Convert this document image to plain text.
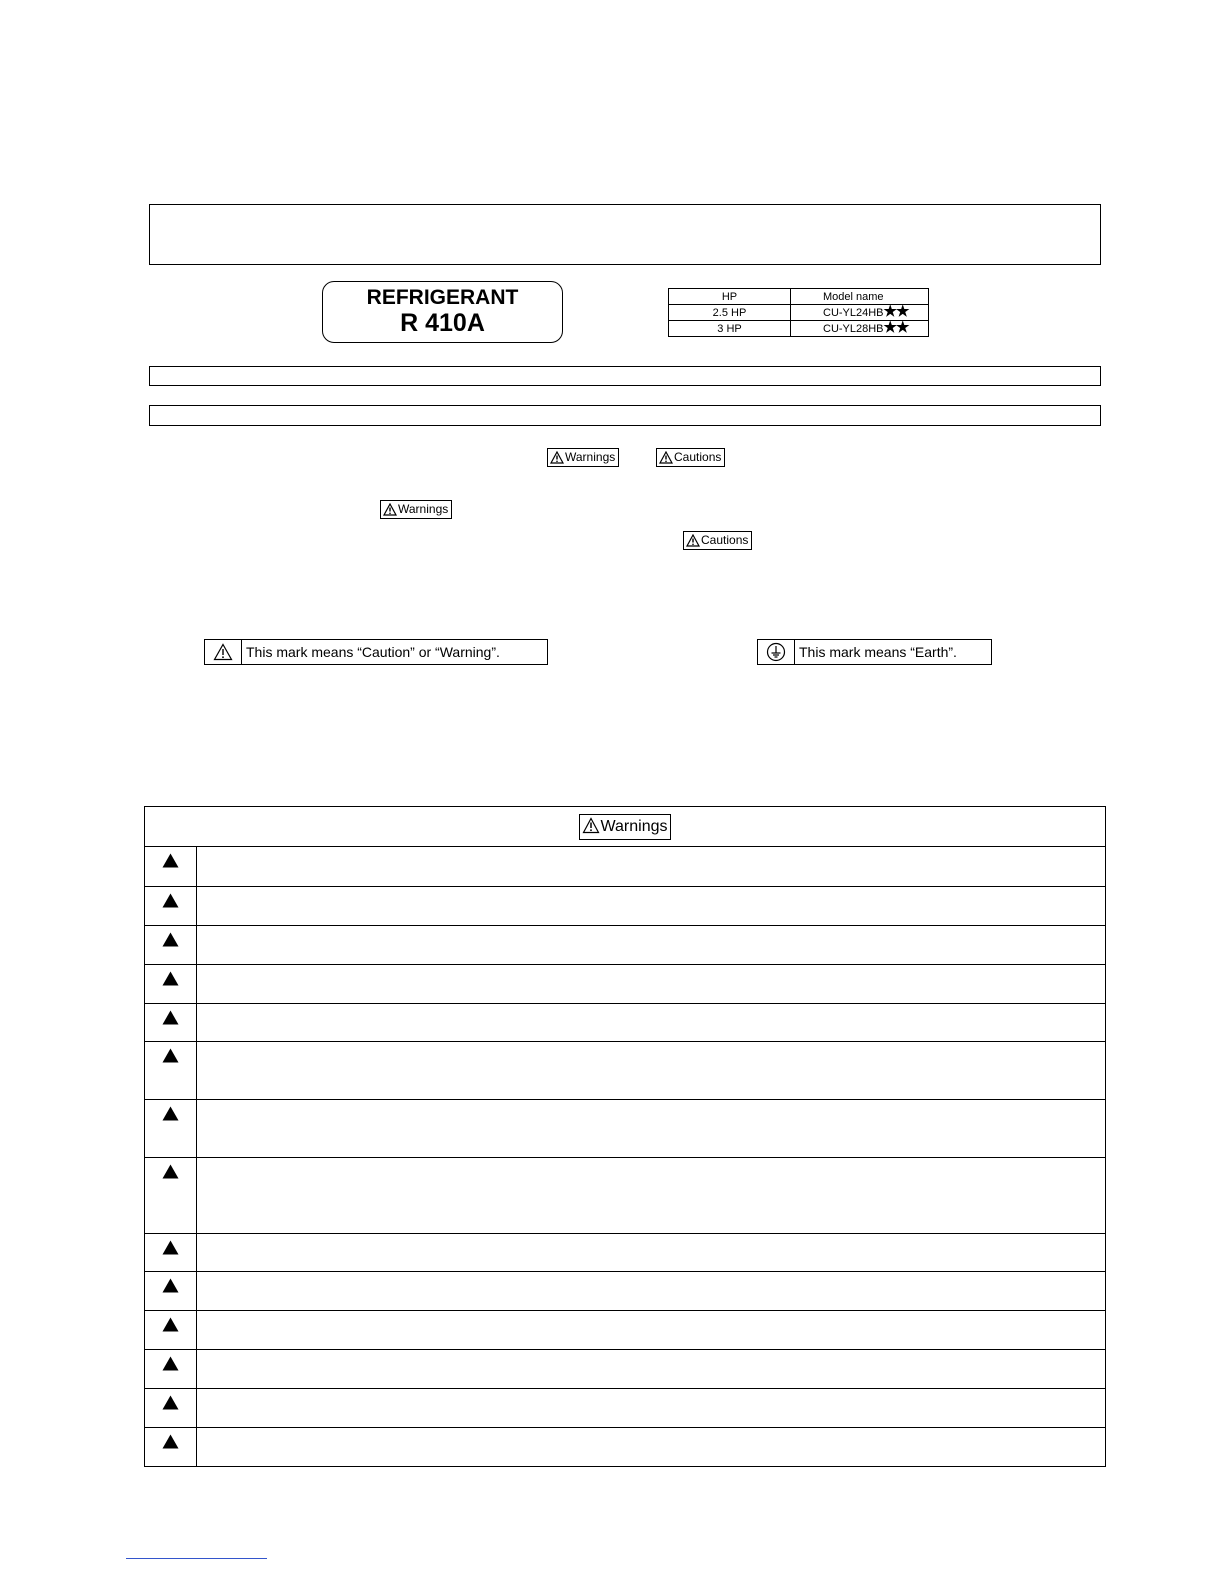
REFRIGERANT
R 410A
HP	Model name
2.5 HP	CU-YL24HB★★
3 HP	CU-YL28HB★★
Warnings	Cautions
Warnings
Cautions
This mark means “Caution” or “Warning”.	This mark means “Earth”.
Warnings
